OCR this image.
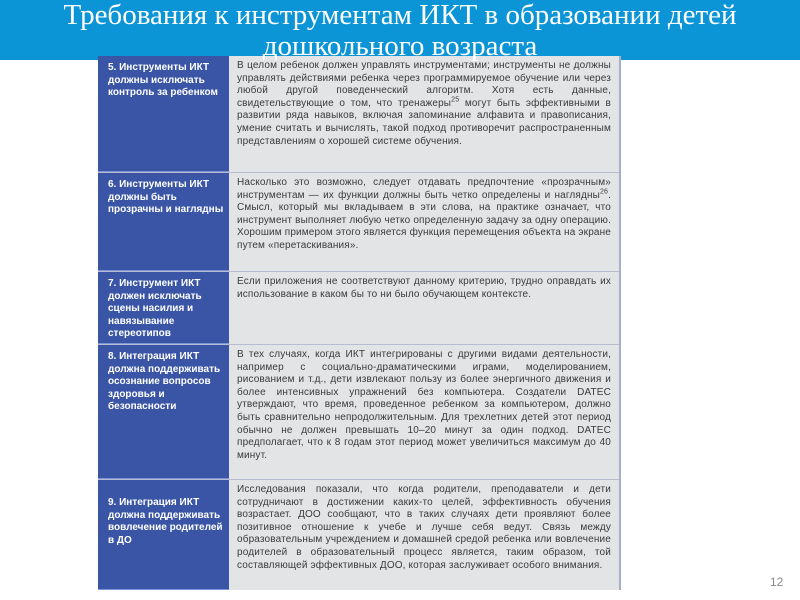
Требования к инструментам ИКТ в образовании детей дошкольного возраста
5. Инструменты ИКТ должны исключать контроль за ребенком
В целом ребенок должен управлять инструментами; инструменты не должны управлять действиями ребенка через программируемое обучение или через любой другой поведенческий алгоритм. Хотя есть данные, свидетельствующие о том, что тренажеры$^{25}$ могут быть эффективными в развитии ряда навыков, включая запоминание алфавита и правописания, умение считать и вычислять, такой подход противоречит распространенным представлениям о хорошей системе обучения.
6. Инструменты ИКТ должны быть прозрачны и наглядны
Насколько это возможно, следует отдавать предпочтение «прозрачным» инструментам — их функции должны быть четко определены и наглядны$^{26}$. Смысл, который мы вкладываем в эти слова, на практике означает, что инструмент выполняет любую четко определенную задачу за одну операцию. Хорошим примером этого является функция перемещения объекта на экране путем «перетаскивания».
7. Инструмент ИКТ должен исключать сцены насилия и навязывание стереотипов
Если приложения не соответствуют данному критерию, трудно оправдать их использование в каком бы то ни было обучающем контексте.
8. Интеграция ИКТ должна поддерживать осознание вопросов здоровья и безопасности
В тех случаях, когда ИКТ интегрированы с другими видами деятельности, например с социально-драматическими играми, моделированием, рисованием и т.д., дети извлекают пользу из более энергичного движения и более интенсивных упражнений без компьютера. Создатели DATEC утверждают, что время, проведенное ребенком за компьютером, должно быть сравнительно непродолжительным. Для трехлетних детей этот период обычно не должен превышать 10–20 минут за один подход. DATEC предполагает, что к 8 годам этот период может увеличиться максимум до 40 минут.
9. Интеграция ИКТ должна поддерживать вовлечение родителей в ДО
Исследования показали, что когда родители, преподаватели и дети сотрудничают в достижении каких-то целей, эффективность обучения возрастает. ДОО сообщают, что в таких случаях дети проявляют более позитивное отношение к учебе и лучше себя ведут. Связь между образовательным учреждением и домашней средой ребенка или вовлечение родителей в образовательный процесс является, таким образом, той составляющей эффективных ДОО, которая заслуживает особого внимания.
12
